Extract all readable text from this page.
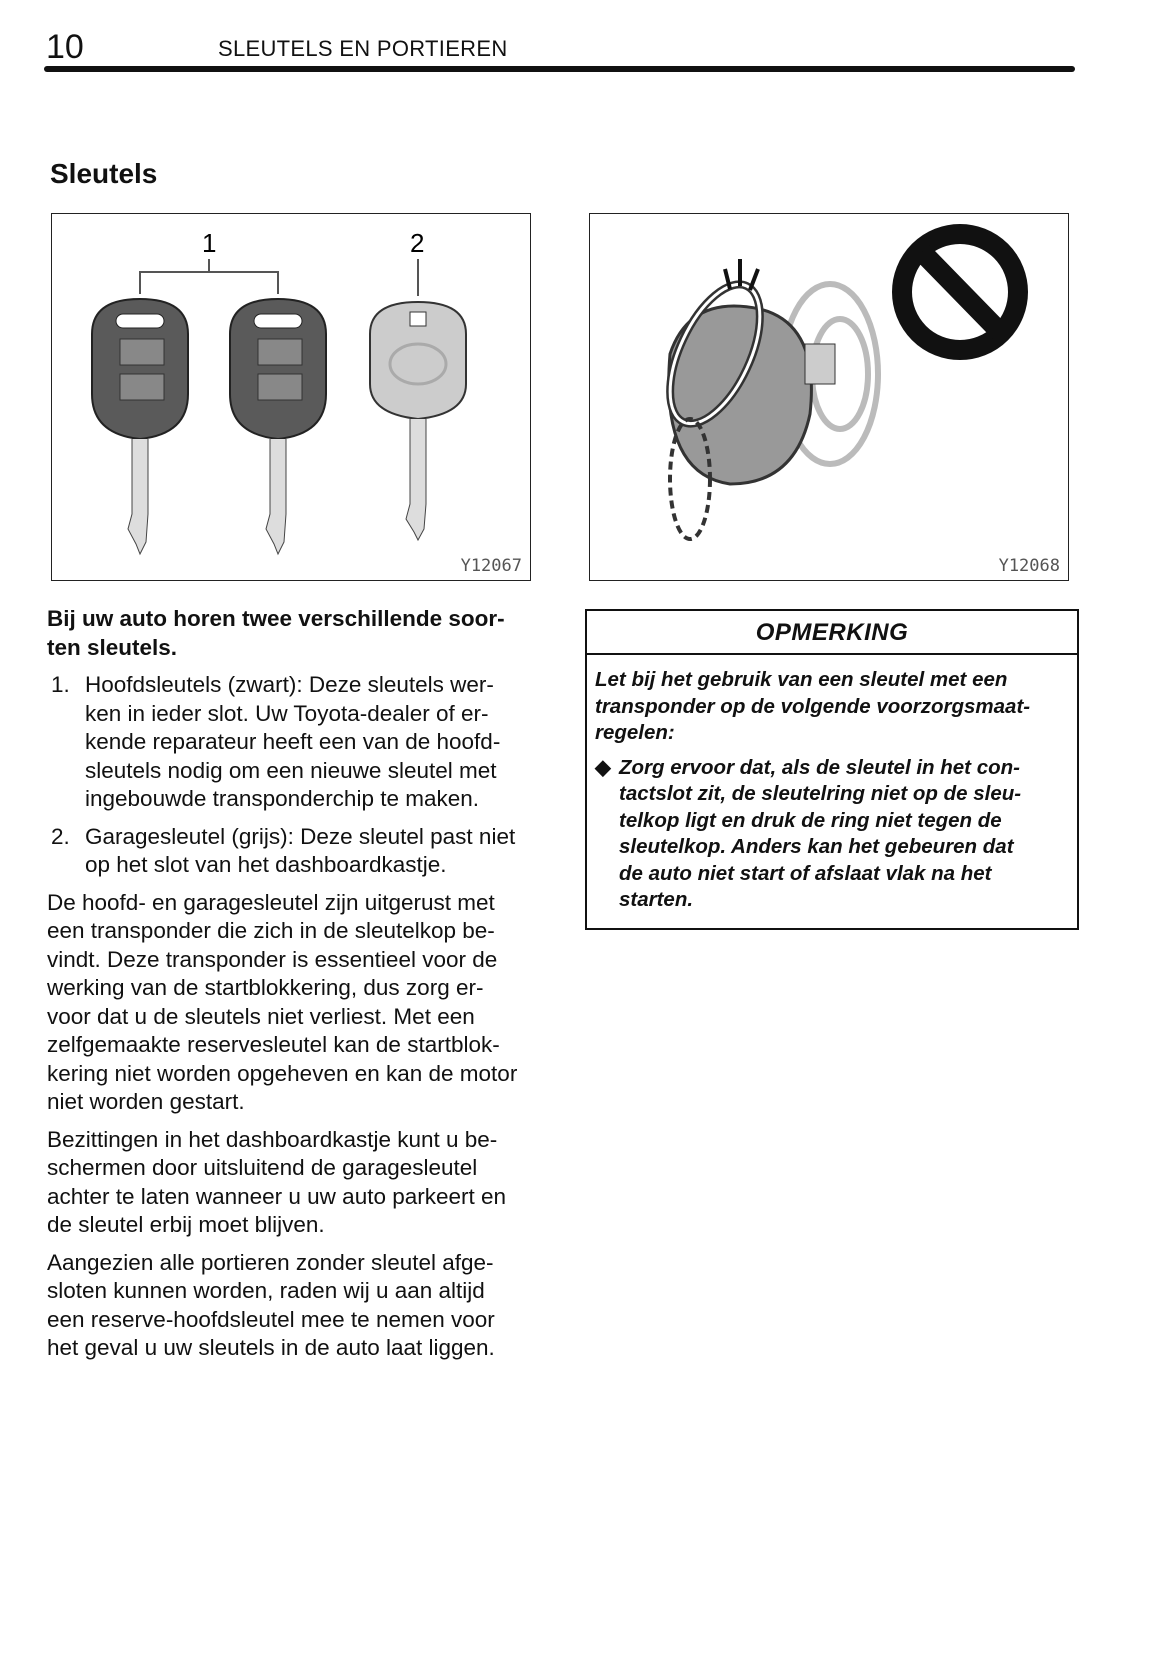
10	SLEUTELS EN PORTIEREN
Sleutels
1	2
Y12067	Y12068

Bij uw auto horen twee verschillende soor-
ten sleutels.

1. Hoofdsleutels (zwart): Deze sleutels wer-
ken in ieder slot. Uw Toyota‑dealer of er-
kende reparateur heeft een van de hoofd-
sleutels nodig om een nieuwe sleutel met
ingebouwde transponderchip te maken.
2. Garagesleutel (grijs): Deze sleutel past niet
op het slot van het dashboardkastje.

De hoofd‑ en garagesleutel zijn uitgerust met
een transponder die zich in de sleutelkop be-
vindt. Deze transponder is essentieel voor de
werking van de startblokkering, dus zorg er-
voor dat u de sleutels niet verliest. Met een
zelfgemaakte reservesleutel kan de startblok-
kering niet worden opgeheven en kan de motor
niet worden gestart.

Bezittingen in het dashboardkastje kunt u be-
schermen door uitsluitend de garagesleutel
achter te laten wanneer u uw auto parkeert en
de sleutel erbij moet blijven.

Aangezien alle portieren zonder sleutel afge-
sloten kunnen worden, raden wij u aan altijd
een reserve‑hoofdsleutel mee te nemen voor
het geval u uw sleutels in de auto laat liggen.

OPMERKING
Let bij het gebruik van een sleutel met een
transponder op de volgende voorzorgsmaat-
regelen:
◆ Zorg ervoor dat, als de sleutel in het con-
tactslot zit, de sleutelring niet op de sleu-
telkop ligt en druk de ring niet tegen de
sleutelkop. Anders kan het gebeuren dat
de auto niet start of afslaat vlak na het
starten.
